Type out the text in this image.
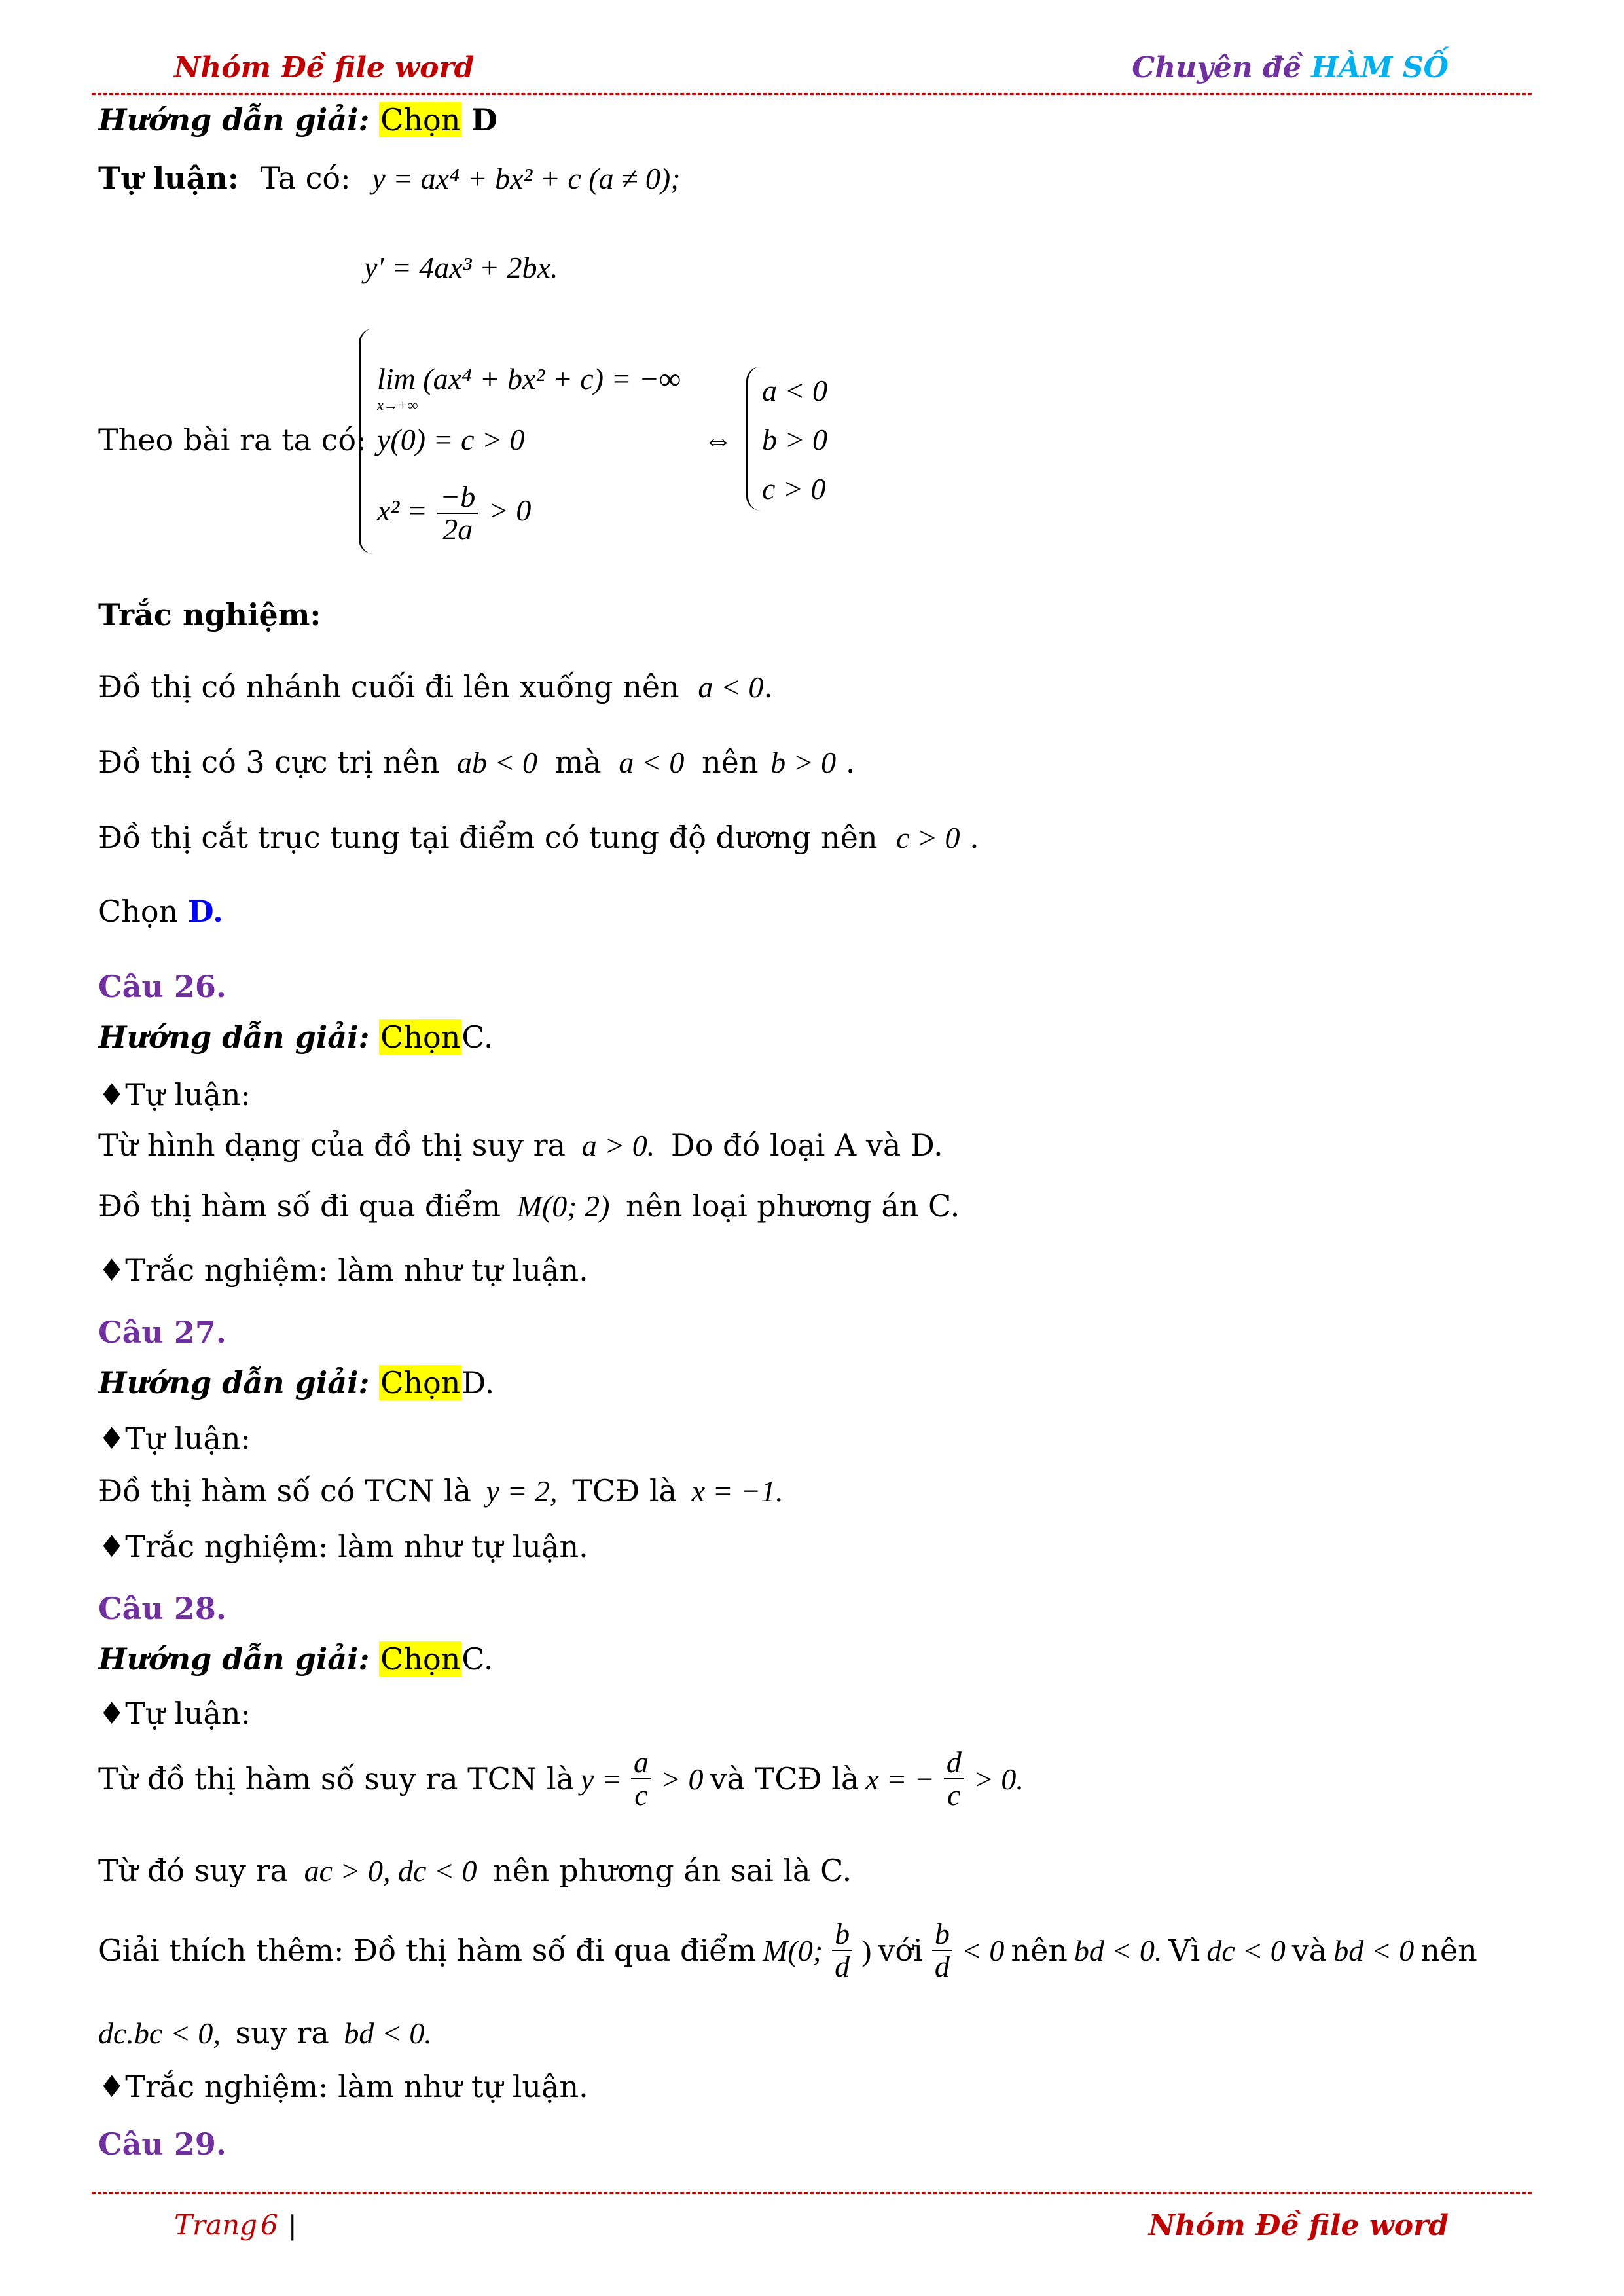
Nhóm Đề file word	Chuyên đề HÀM SỐ
Hướng dẫn giải: Chọn D
Tự luận: Ta có: y = ax⁴ + bx² + c (a ≠ 0);
y' = 4ax³ + 2bx.
Theo bài ra ta có:
lim (ax⁴ + bx² + c) = −∞
x→+∞
y(0) = c > 0
$x^2 = \frac{-b}{2a} > 0$
⇔
a < 0
b > 0
c > 0
Trắc nghiệm:
Đồ thị có nhánh cuối đi lên xuống nên a < 0.
Đồ thị có 3 cực trị nên ab < 0 mà a < 0 nên b > 0 .
Đồ thị cắt trục tung tại điểm có tung độ dương nên c > 0 .
Chọn D.
Câu 26.
Hướng dẫn giải: ChọnC.
♦Tự luận:
Từ hình dạng của đồ thị suy ra a > 0. Do đó loại A và D.
Đồ thị hàm số đi qua điểm M(0; 2) nên loại phương án C.
♦Trắc nghiệm: làm như tự luận.
Câu 27.
Hướng dẫn giải: ChọnD.
♦Tự luận:
Đồ thị hàm số có TCN là y = 2, TCĐ là x = −1.
♦Trắc nghiệm: làm như tự luận.
Câu 28.
Hướng dẫn giải: ChọnC.
♦Tự luận:
Từ đồ thị hàm số suy ra TCN là $y = \frac{a}{c} > 0$ và TCĐ là x = − $\frac{d}{c} > 0$.
Từ đó suy ra ac > 0, dc < 0 nên phương án sai là C.
Giải thích thêm: Đồ thị hàm số đi qua điểm M(0; $\frac{b}{d}$ ) với $\frac{b}{d} < 0$ nên bd < 0. Vì dc < 0 và bd < 0 nên
dc.bc < 0, suy ra bd < 0.
♦Trắc nghiệm: làm như tự luận.
Câu 29.
Trang 6 |	Nhóm Đề file word
